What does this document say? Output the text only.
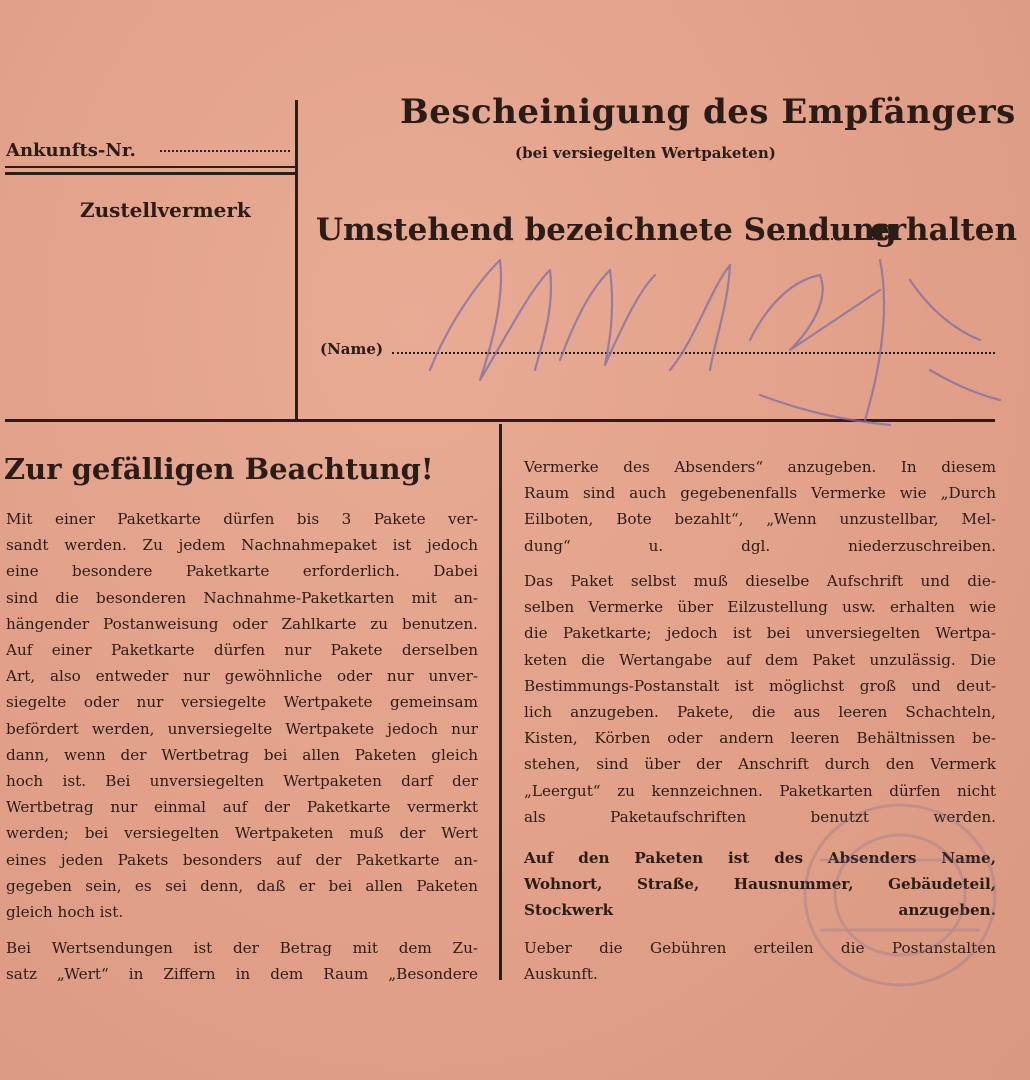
Bescheinigung des Empfängers
(bei versiegelten Wertpaketen)
Ankunfts-Nr.
Zustellvermerk
Umstehend bezeichnete Sendung
erhalten
(Name)
Zur gefälligen Beachtung!
Mit einer Paketkarte dürfen bis 3 Pakete ver-
sandt werden. Zu jedem Nachnahmepaket ist jedoch
eine besondere Paketkarte erforderlich. Dabei
sind die besonderen Nachnahme-Paketkarten mit an-
hängender Postanweisung oder Zahlkarte zu benutzen.
Auf einer Paketkarte dürfen nur Pakete derselben
Art, also entweder nur gewöhnliche oder nur unver-
siegelte oder nur versiegelte Wertpakete gemeinsam
befördert werden, unversiegelte Wertpakete jedoch nur
dann, wenn der Wertbetrag bei allen Paketen gleich
hoch ist. Bei unversiegelten Wertpaketen darf der
Wertbetrag nur einmal auf der Paketkarte vermerkt
werden; bei versiegelten Wertpaketen muß der Wert
eines jeden Pakets besonders auf der Paketkarte an-
gegeben sein, es sei denn, daß er bei allen Paketen
gleich hoch ist.
Bei Wertsendungen ist der Betrag mit dem Zu-
satz „Wert“ in Ziffern in dem Raum „Besondere
Vermerke des Absenders“ anzugeben. In diesem
Raum sind auch gegebenenfalls Vermerke wie „Durch
Eilboten, Bote bezahlt“, „Wenn unzustellbar, Mel-
dung“ u. dgl. niederzuschreiben.
Das Paket selbst muß dieselbe Aufschrift und die-
selben Vermerke über Eilzustellung usw. erhalten wie
die Paketkarte; jedoch ist bei unversiegelten Wertpa-
keten die Wertangabe auf dem Paket unzulässig. Die
Bestimmungs-Postanstalt ist möglichst groß und deut-
lich anzugeben. Pakete, die aus leeren Schachteln,
Kisten, Körben oder andern leeren Behältnissen be-
stehen, sind über der Anschrift durch den Vermerk
„Leergut“ zu kennzeichnen. Paketkarten dürfen nicht
als Paketaufschriften benutzt werden.
Auf den Paketen ist des Absenders Name,
Wohnort, Straße, Hausnummer, Gebäudeteil,
Stockwerk anzugeben.
Ueber die Gebühren erteilen die Postanstalten
Auskunft.
